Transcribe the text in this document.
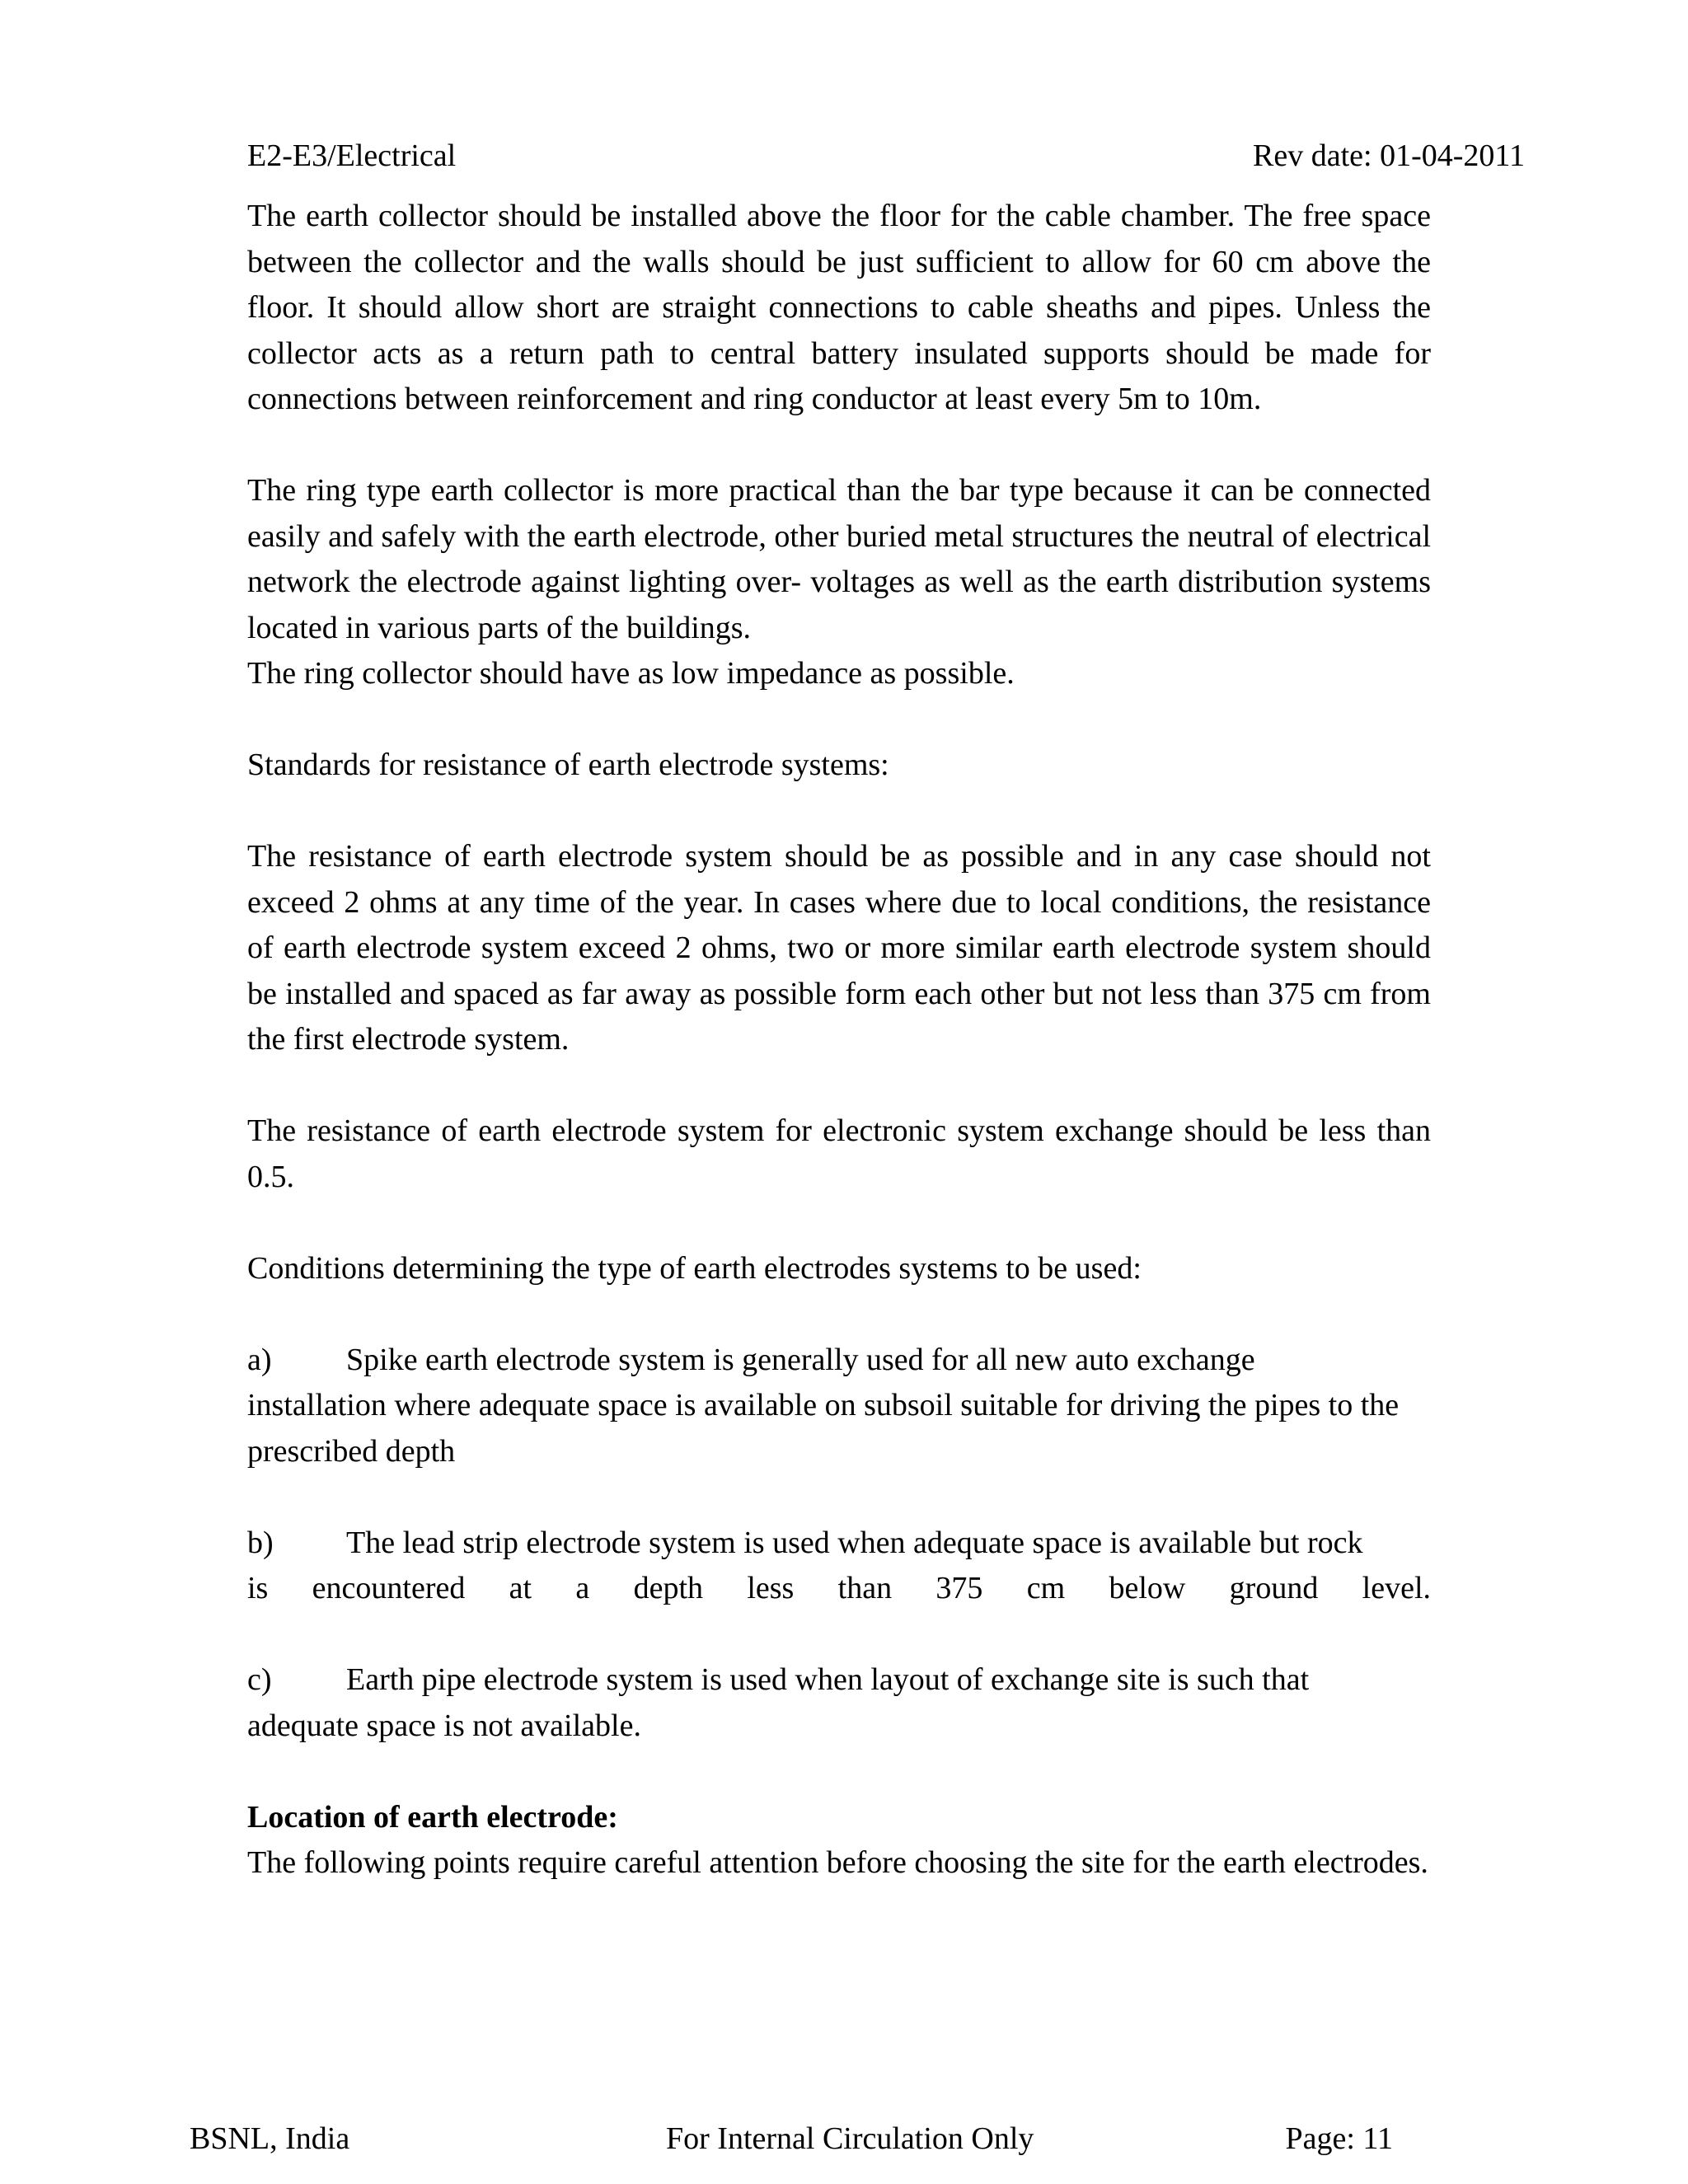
E2-E3/Electrical	Rev date: 01-04-2011

The earth collector should be installed above the floor for the cable chamber. The free space between the collector and the walls should be just sufficient to allow for 60 cm above the floor. It should allow short are straight connections to cable sheaths and pipes. Unless the collector acts as a return path to central battery insulated supports should be made for connections between reinforcement and ring conductor at least every 5m to 10m.

The ring type earth collector is more practical than the bar type because it can be connected easily and safely with the earth electrode, other buried metal structures the neutral of electrical network the electrode against lighting over- voltages as well as the earth distribution systems located in various parts of the buildings.

The ring collector should have as low impedance as possible.

Standards for resistance of earth electrode systems:

The resistance of earth electrode system should be as possible and in any case should not exceed 2 ohms at any time of the year. In cases where due to local conditions, the resistance of earth electrode system exceed 2 ohms, two or more similar earth electrode system should be installed and spaced as far away as possible form each other but not less than 375 cm from the first electrode system.

The resistance of earth electrode system for electronic system exchange should be less than 0.5.

Conditions determining the type of earth electrodes systems to be used:

a) Spike earth electrode system is generally used for all new auto exchange
installation where adequate space is available on subsoil suitable for driving the pipes to the prescribed depth
b) The lead strip electrode system is used when adequate space is available but rock
is encountered at a depth less than 375 cm below ground level.
c) Earth pipe electrode system is used when layout of exchange site is such that
adequate space is not available.

Location of earth electrode:

The following points require careful attention before choosing the site for the earth electrodes.

BSNL, India	For Internal Circulation Only	Page: 11
